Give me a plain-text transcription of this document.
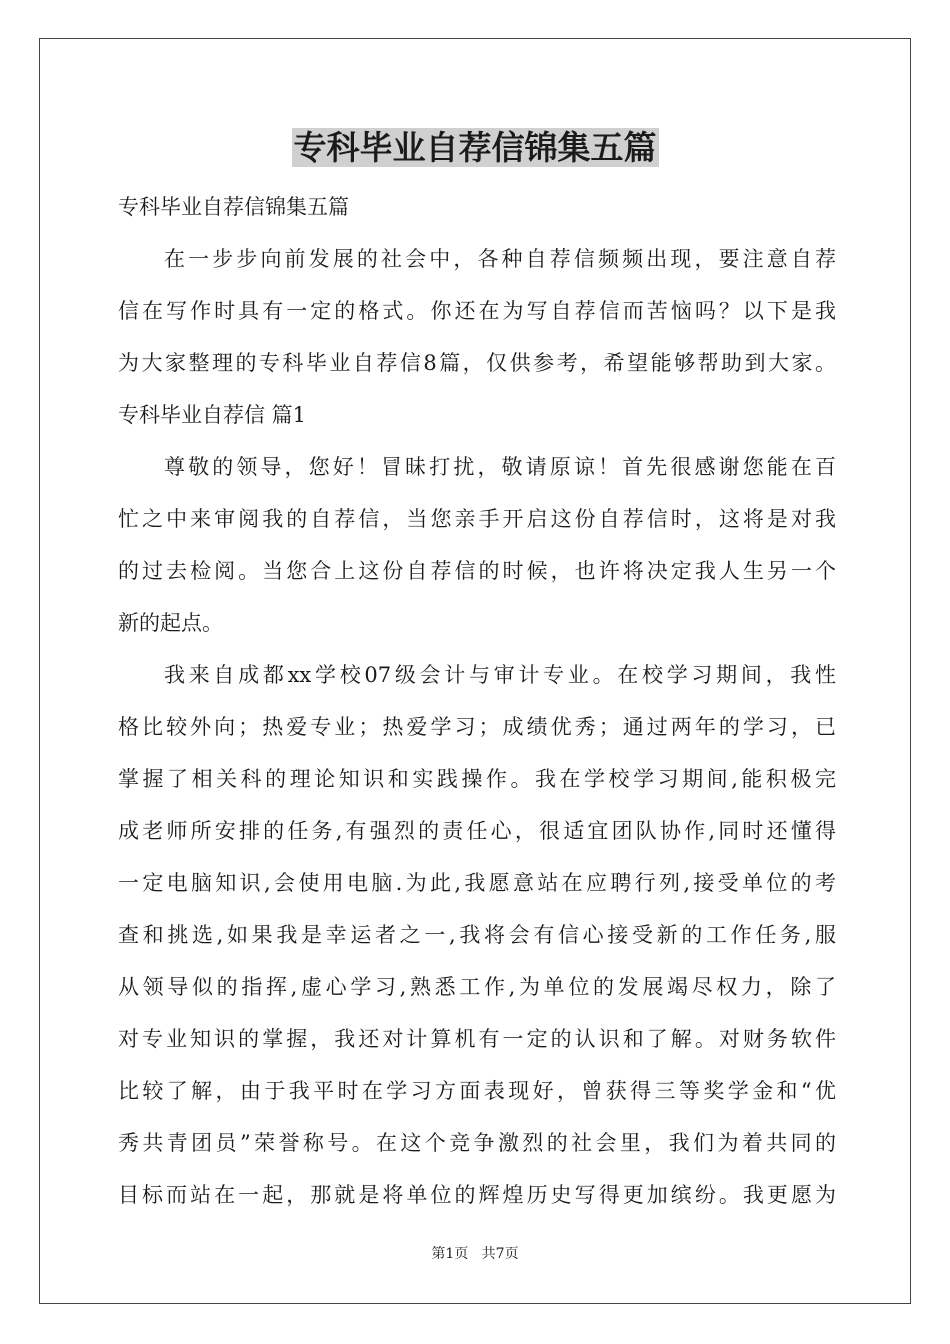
专科毕业自荐信锦集五篇
专科毕业自荐信锦集五篇
在一步步向前发展的社会中，各种自荐信频频出现，要注意自荐
信在写作时具有一定的格式。你还在为写自荐信而苦恼吗？以下是我
为大家整理的专科毕业自荐信8篇，仅供参考，希望能够帮助到大家。
专科毕业自荐信 篇1
尊敬的领导，您好！冒昧打扰，敬请原谅！首先很感谢您能在百
忙之中来审阅我的自荐信，当您亲手开启这份自荐信时，这将是对我
的过去检阅。当您合上这份自荐信的时候，也许将决定我人生另一个
新的起点。
我来自成都xx学校07级会计与审计专业。在校学习期间，我性
格比较外向；热爱专业；热爱学习；成绩优秀；通过两年的学习，已
掌握了相关科的理论知识和实践操作。我在学校学习期间,能积极完
成老师所安排的任务,有强烈的责任心，很适宜团队协作,同时还懂得
一定电脑知识,会使用电脑.为此,我愿意站在应聘行列,接受单位的考
查和挑选,如果我是幸运者之一,我将会有信心接受新的工作任务,服
从领导似的指挥,虚心学习,熟悉工作,为单位的发展竭尽权力，除了
对专业知识的掌握，我还对计算机有一定的认识和了解。对财务软件
比较了解，由于我平时在学习方面表现好，曾获得三等奖学金和“优
秀共青团员”荣誉称号。在这个竞争激烈的社会里，我们为着共同的
目标而站在一起，那就是将单位的辉煌历史写得更加缤纷。我更愿为
第1页   共7页
